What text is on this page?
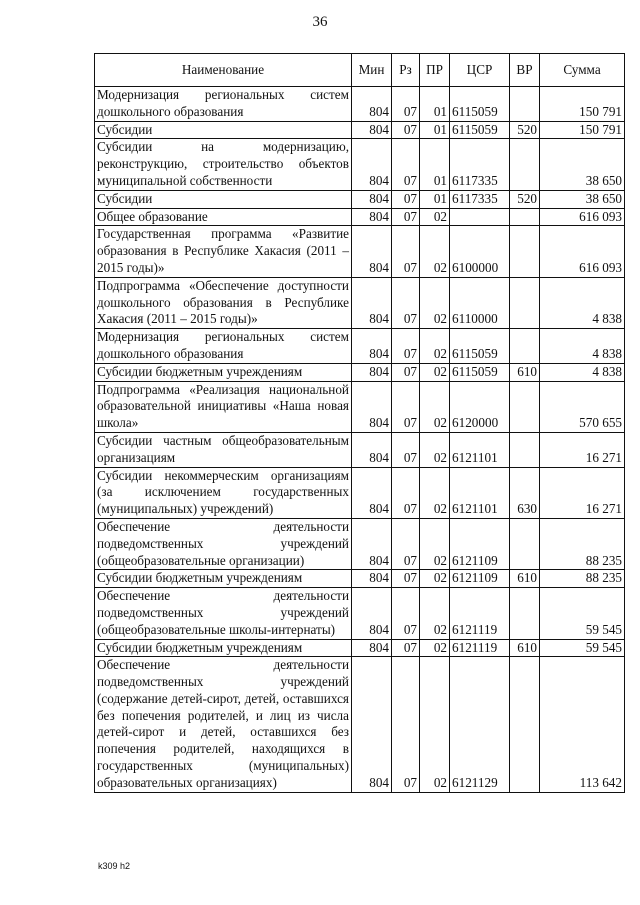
36
Наименование	Мин	Рз	ПР	ЦСР	ВР	Сумма
Модернизация региональных систем дошкольного образования	804	07	01	6115059		150 791
Субсидии	804	07	01	6115059	520	150 791
Субсидии на модернизацию, реконструкцию, строительство объектов муниципальной собственности	804	07	01	6117335		38 650
Субсидии	804	07	01	6117335	520	38 650
Общее образование	804	07	02			616 093
Государственная программа «Развитие образования в Республике Хакасия (2011 – 2015 годы)»	804	07	02	6100000		616 093
Подпрограмма «Обеспечение доступности дошкольного образования в Республике Хакасия (2011 – 2015 годы)»	804	07	02	6110000		4 838
Модернизация региональных систем дошкольного образования	804	07	02	6115059		4 838
Субсидии бюджетным учреждениям	804	07	02	6115059	610	4 838
Подпрограмма «Реализация национальной образовательной инициативы «Наша новая школа»	804	07	02	6120000		570 655
Субсидии частным общеобразовательным организациям	804	07	02	6121101		16 271
Субсидии некоммерческим организациям (за исключением государственных (муниципальных) учреждений)	804	07	02	6121101	630	16 271
Обеспечение деятельности подведомственных учреждений (общеобразовательные организации)	804	07	02	6121109		88 235
Субсидии бюджетным учреждениям	804	07	02	6121109	610	88 235
Обеспечение деятельности подведомственных учреждений (общеобразовательные школы-интернаты)	804	07	02	6121119		59 545
Субсидии бюджетным учреждениям	804	07	02	6121119	610	59 545
Обеспечение деятельности подведомственных учреждений (содержание детей-сирот, детей, оставшихся без попечения родителей, и лиц из числа детей-сирот и детей, оставшихся без попечения родителей, находящихся в государственных (муниципальных) образовательных организациях)	804	07	02	6121129		113 642
k309 h2
